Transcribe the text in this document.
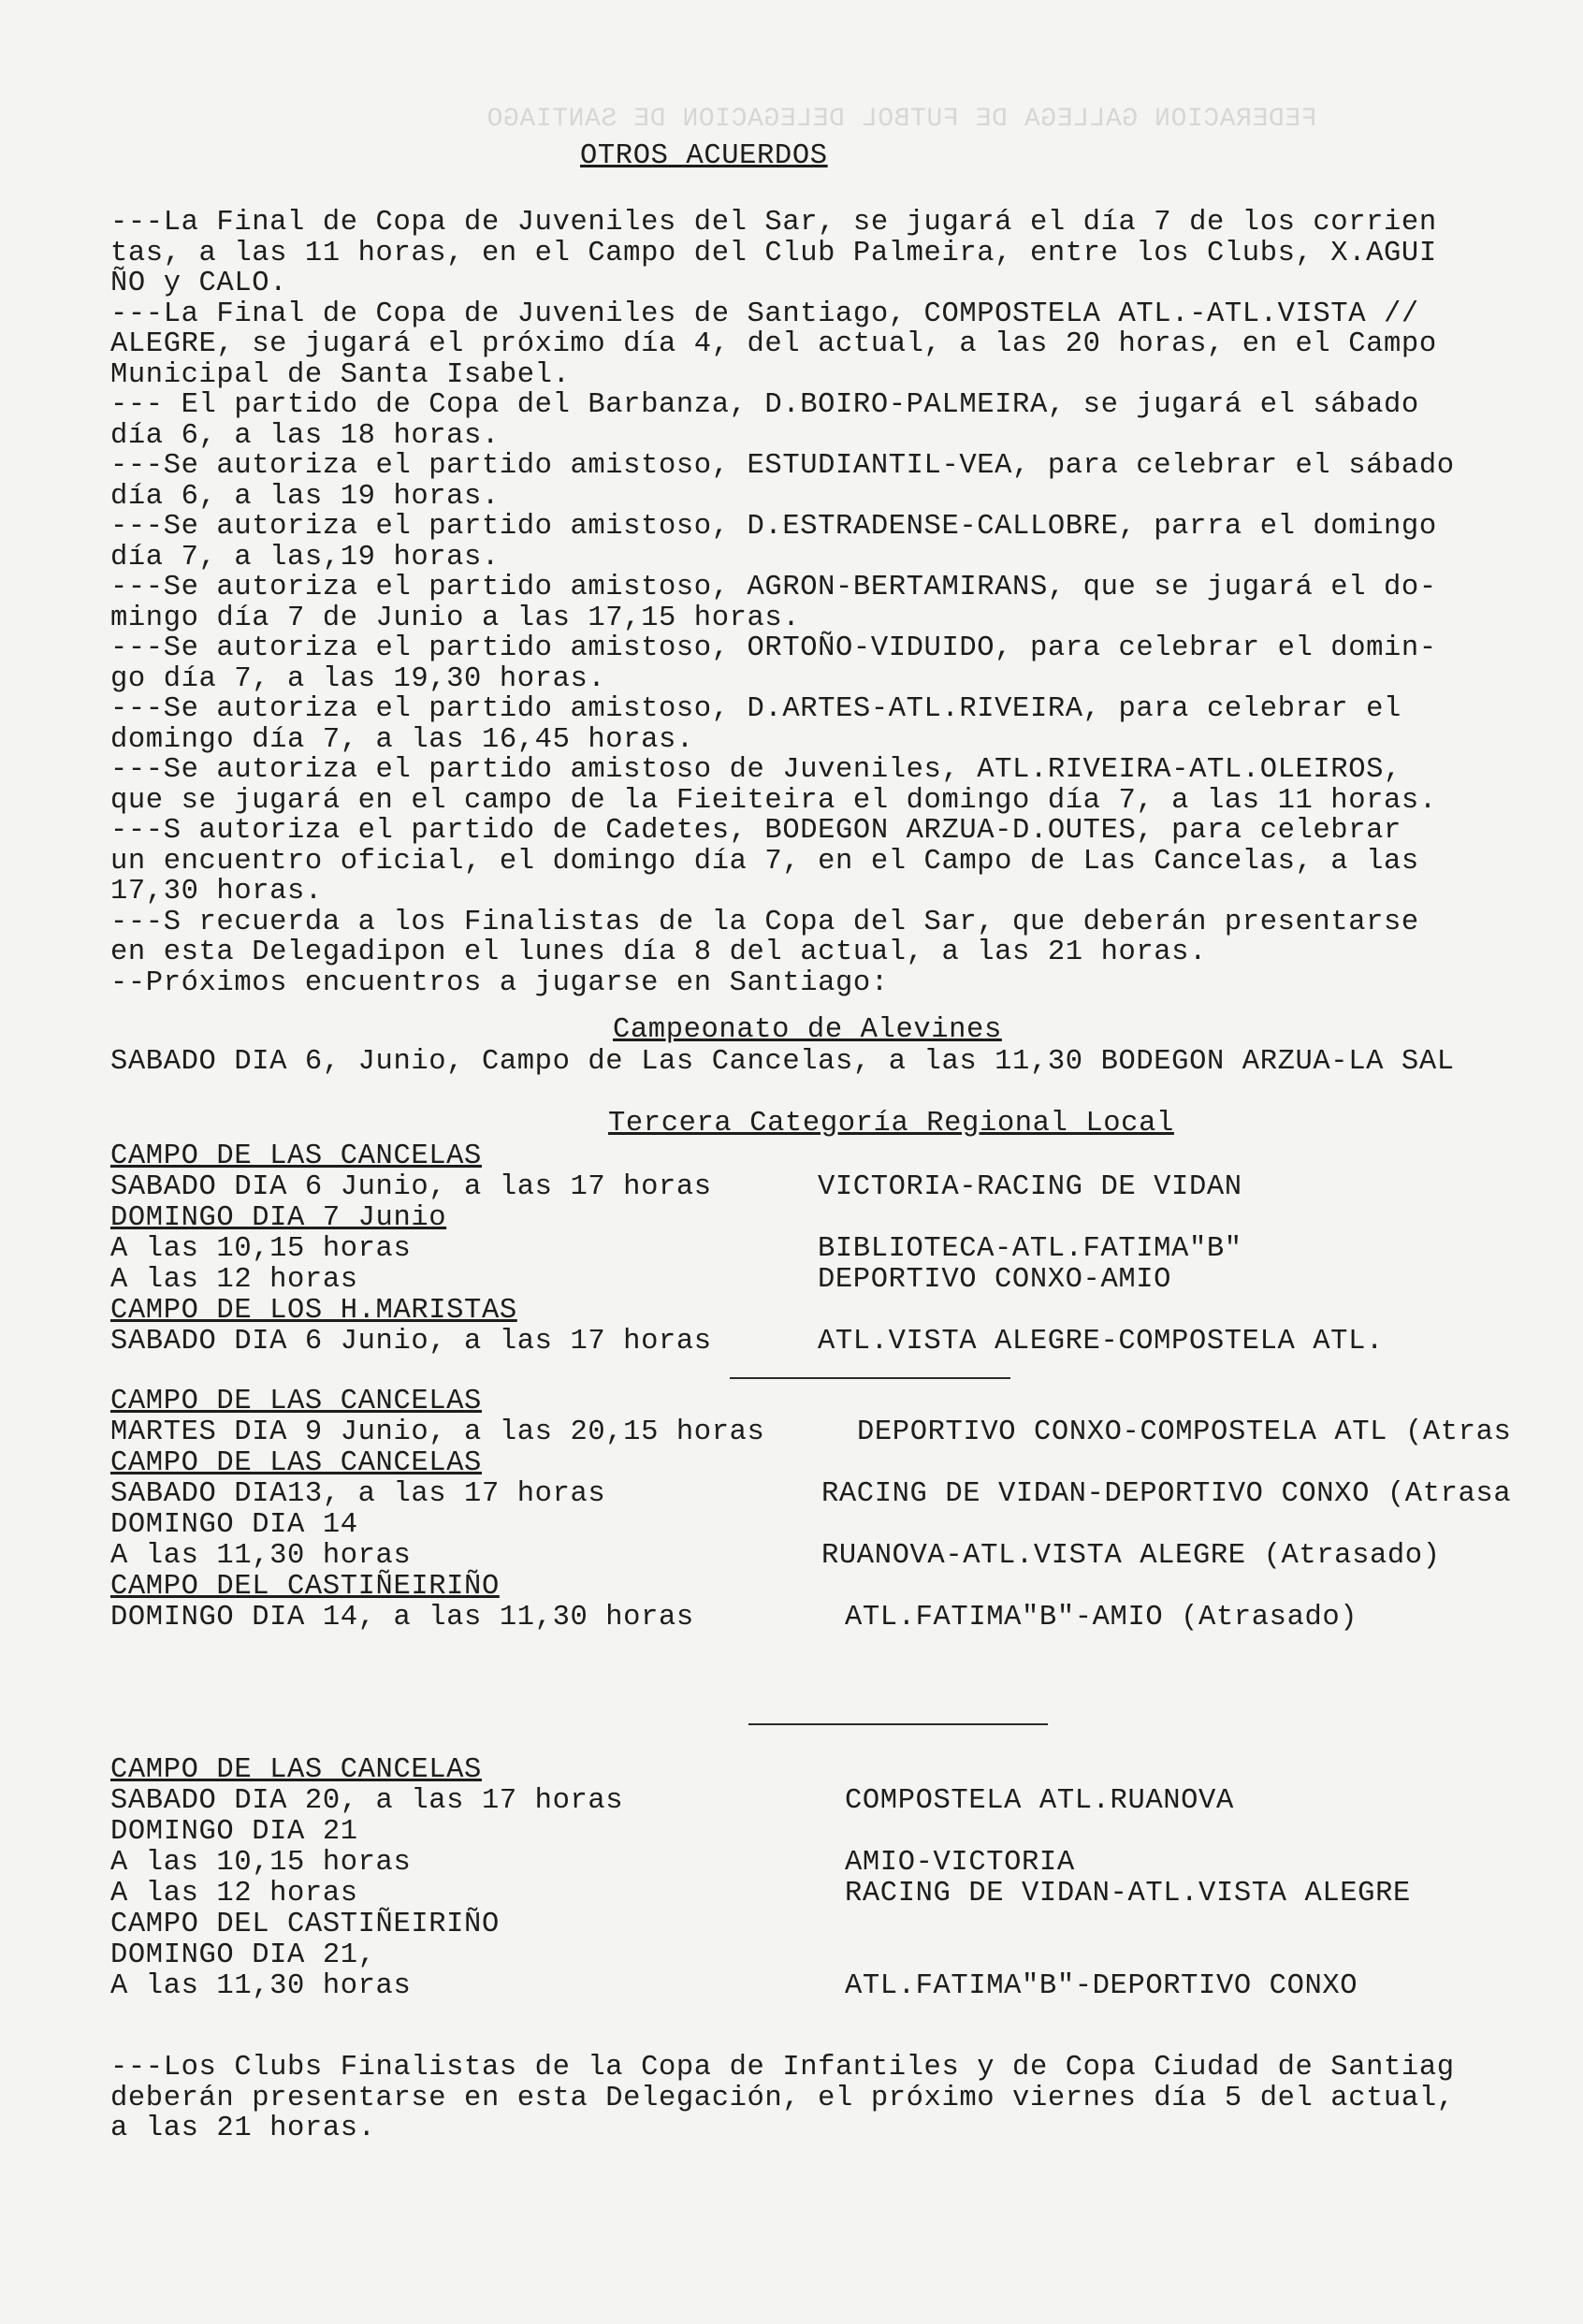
FEDERACION GALLEGA DE FUTBOL DELEGACION DE SANTIAGO
OTROS ACUERDOS
---La Final de Copa de Juveniles del Sar, se jugará el día 7 de los corrien
tas, a las 11 horas, en el Campo del Club Palmeira, entre los Clubs, X.AGUI
ÑO y CALO.
---La Final de Copa de Juveniles de Santiago, COMPOSTELA ATL.-ATL.VISTA //
ALEGRE, se jugará el próximo día 4, del actual, a las 20 horas, en el Campo
Municipal de Santa Isabel.
--- El partido de Copa del Barbanza, D.BOIRO-PALMEIRA, se jugará el sábado
día 6, a las 18 horas.
---Se autoriza el partido amistoso, ESTUDIANTIL-VEA, para celebrar el sábado
día 6, a las 19 horas.
---Se autoriza el partido amistoso, D.ESTRADENSE-CALLOBRE, parra el domingo
día 7, a las,19 horas.
---Se autoriza el partido amistoso, AGRON-BERTAMIRANS, que se jugará el do-
mingo día 7 de Junio a las 17,15 horas.
---Se autoriza el partido amistoso, ORTOÑO-VIDUIDO, para celebrar el domin-
go día 7, a las 19,30 horas.
---Se autoriza el partido amistoso, D.ARTES-ATL.RIVEIRA, para celebrar el
domingo día 7, a las 16,45 horas.
---Se autoriza el partido amistoso de Juveniles, ATL.RIVEIRA-ATL.OLEIROS,
que se jugará en el campo de la Fieiteira el domingo día 7, a las 11 horas.
---S autoriza el partido de Cadetes, BODEGON ARZUA-D.OUTES, para celebrar
un encuentro oficial, el domingo día 7, en el Campo de Las Cancelas, a las
17,30 horas.
---S recuerda a los Finalistas de la Copa del Sar, que deberán presentarse
en esta Delegadipon el lunes día 8 del actual, a las 21 horas.
--Próximos encuentros a jugarse en Santiago:
Campeonato de Alevines
SABADO DIA 6, Junio, Campo de Las Cancelas, a las 11,30 BODEGON ARZUA-LA SAL
Tercera Categoría Regional Local
CAMPO DE LAS CANCELAS
SABADO DIA 6 Junio, a las 17 horas	VICTORIA-RACING DE VIDAN
DOMINGO DIA 7 Junio
A las 10,15 horas	BIBLIOTECA-ATL.FATIMA"B"
A las 12 horas	DEPORTIVO CONXO-AMIO
CAMPO DE LOS H.MARISTAS
SABADO DIA 6 Junio, a las 17 horas	ATL.VISTA ALEGRE-COMPOSTELA ATL.
CAMPO DE LAS CANCELAS
MARTES DIA 9 Junio, a las 20,15 horas	DEPORTIVO CONXO-COMPOSTELA ATL (Atras
CAMPO DE LAS CANCELAS
SABADO DIA13, a las 17 horas	RACING DE VIDAN-DEPORTIVO CONXO (Atrasa
DOMINGO DIA 14
A las 11,30 horas	RUANOVA-ATL.VISTA ALEGRE (Atrasado)
CAMPO DEL CASTIÑEIRIÑO
DOMINGO DIA 14, a las 11,30 horas	ATL.FATIMA"B"-AMIO (Atrasado)
CAMPO DE LAS CANCELAS
SABADO DIA 20, a las 17 horas	COMPOSTELA ATL.RUANOVA
DOMINGO DIA 21
A las 10,15 horas	AMIO-VICTORIA
A las 12 horas	RACING DE VIDAN-ATL.VISTA ALEGRE
CAMPO DEL CASTIÑEIRIÑO
DOMINGO DIA 21,
A las 11,30 horas	ATL.FATIMA"B"-DEPORTIVO CONXO
---Los Clubs Finalistas de la Copa de Infantiles y de Copa Ciudad de Santiag
deberán presentarse en esta Delegación, el próximo viernes día 5 del actual,
a las 21 horas.
